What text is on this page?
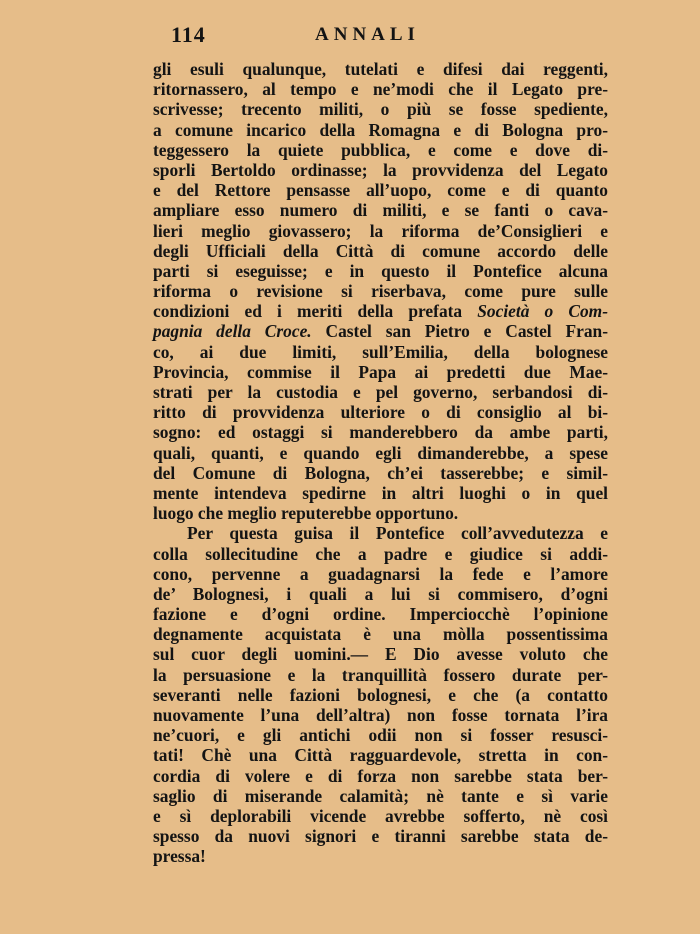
114	ANNALI
gli esuli qualunque, tutelati e difesi dai reggenti,
ritornassero, al tempo e ne’modi che il Legato pre-
scrivesse; trecento militi, o più se fosse spediente,
a comune incarico della Romagna e di Bologna pro-
teggessero la quiete pubblica, e come e dove di-
sporli Bertoldo ordinasse; la provvidenza del Legato
e del Rettore pensasse all’uopo, come e di quanto
ampliare esso numero di militi, e se fanti o cava-
lieri meglio giovassero; la riforma de’Consiglieri e
degli Ufficiali della Città di comune accordo delle
parti si eseguisse; e in questo il Pontefice alcuna
riforma o revisione si riserbava, come pure sulle
condizioni ed i meriti della prefata Società o Com-
pagnia della Croce. Castel san Pietro e Castel Fran-
co, ai due limiti, sull’Emilia, della bolognese
Provincia, commise il Papa ai predetti due Mae-
strati per la custodia e pel governo, serbandosi di-
ritto di provvidenza ulteriore o di consiglio al bi-
sogno: ed ostaggi si manderebbero da ambe parti,
quali, quanti, e quando egli dimanderebbe, a spese
del Comune di Bologna, ch’ei tasserebbe; e simil-
mente intendeva spedirne in altri luoghi o in quel
luogo che meglio reputerebbe opportuno.
Per questa guisa il Pontefice coll’avvedutezza e
colla sollecitudine che a padre e giudice si addi-
cono, pervenne a guadagnarsi la fede e l’amore
de’ Bolognesi, i quali a lui si commisero, d’ogni
fazione e d’ogni ordine. Imperciocchè l’opinione
degnamente acquistata è una mòlla possentissima
sul cuor degli uomini.— E Dio avesse voluto che
la persuasione e la tranquillità fossero durate per-
severanti nelle fazioni bolognesi, e che (a contatto
nuovamente l’una dell’altra) non fosse tornata l’ira
ne’cuori, e gli antichi odii non si fosser resusci-
tati! Chè una Città ragguardevole, stretta in con-
cordia di volere e di forza non sarebbe stata ber-
saglio di miserande calamità; nè tante e sì varie
e sì deplorabili vicende avrebbe sofferto, nè così
spesso da nuovi signori e tiranni sarebbe stata de-
pressa!
